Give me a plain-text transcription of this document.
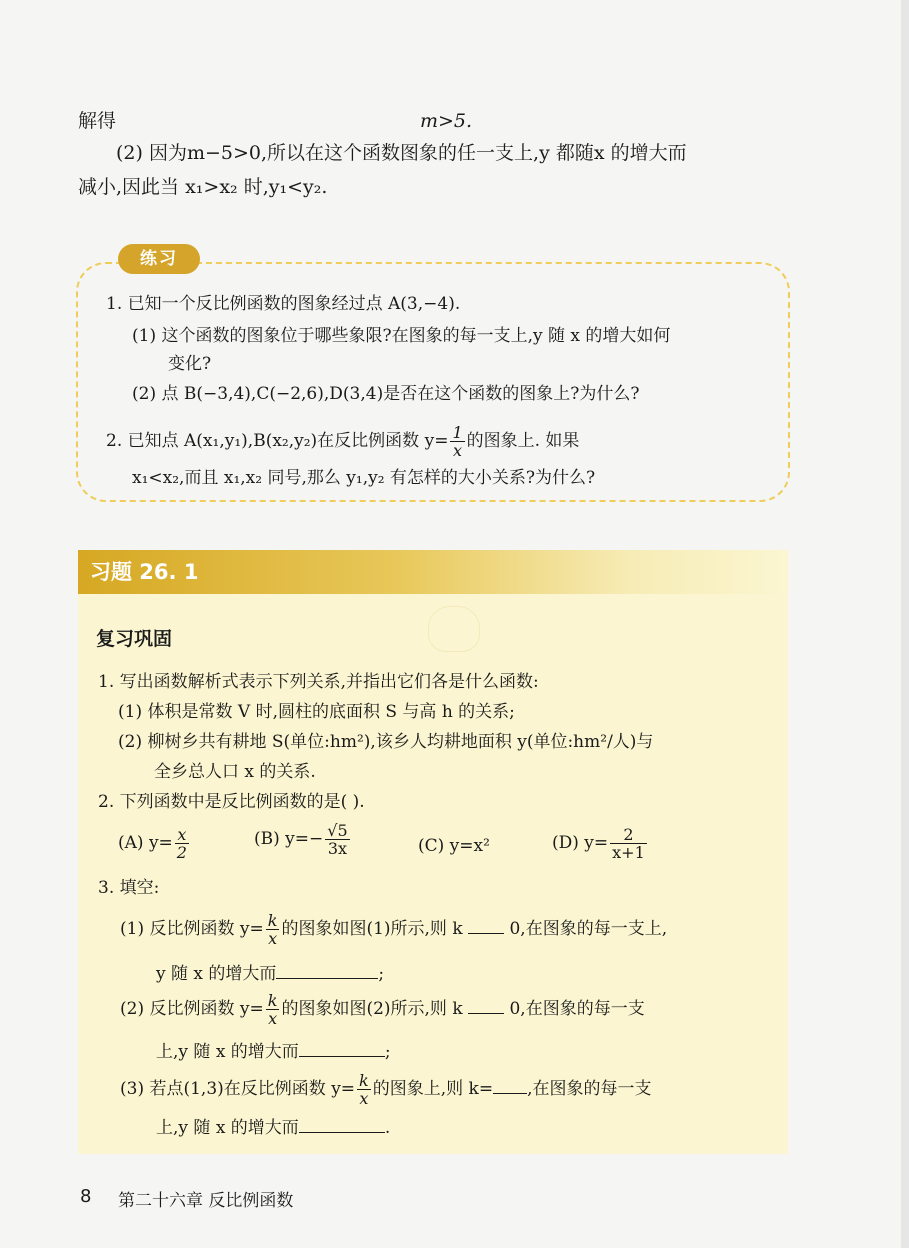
解得	m>5.
(2) 因为m−5>0,所以在这个函数图象的任一支上,y 都随x 的增大而
减小,因此当 x₁>x₂ 时,y₁<y₂.
练习
1. 已知一个反比例函数的图象经过点 A(3,−4).
(1) 这个函数的图象位于哪些象限?在图象的每一支上,y 随 x 的增大如何
变化?
(2) 点 B(−3,4),C(−2,6),D(3,4)是否在这个函数的图象上?为什么?
2. 已知点 A(x₁,y₁),B(x₂,y₂)在反比例函数 $y= \frac{1}{x}$ 的图象上. 如果
x₁<x₂,而且 x₁,x₂ 同号,那么 y₁,y₂ 有怎样的大小关系?为什么?
习题 26. 1
复习巩固
1. 写出函数解析式表示下列关系,并指出它们各是什么函数:
(1) 体积是常数 V 时,圆柱的底面积 S 与高 h 的关系;
(2) 柳树乡共有耕地 S(单位:hm²),该乡人均耕地面积 y(单位:hm²/人)与
全乡总人口 x 的关系.
2. 下列函数中是反比例函数的是( ).
(A) $y= \frac{x}{2}$	(B) $y=- \frac{√5}{3x}$	(C) y=x²	(D) $y= \frac{2}{x+1}$
3. 填空:
(1) 反比例函数 $y= \frac{k}{x}$ 的图象如图(1)所示,则 k	0,在图象的每一支上,
y 随 x 的增大而	;
(2) 反比例函数 $y= \frac{k}{x}$ 的图象如图(2)所示,则 k	0,在图象的每一支
上,y 随 x 的增大而	;
(3) 若点(1,3)在反比例函数 $y= \frac{k}{x}$ 的图象上,则 k= ,在图象的每一支
上,y 随 x 的增大而	.
8 第二十六章 反比例函数
